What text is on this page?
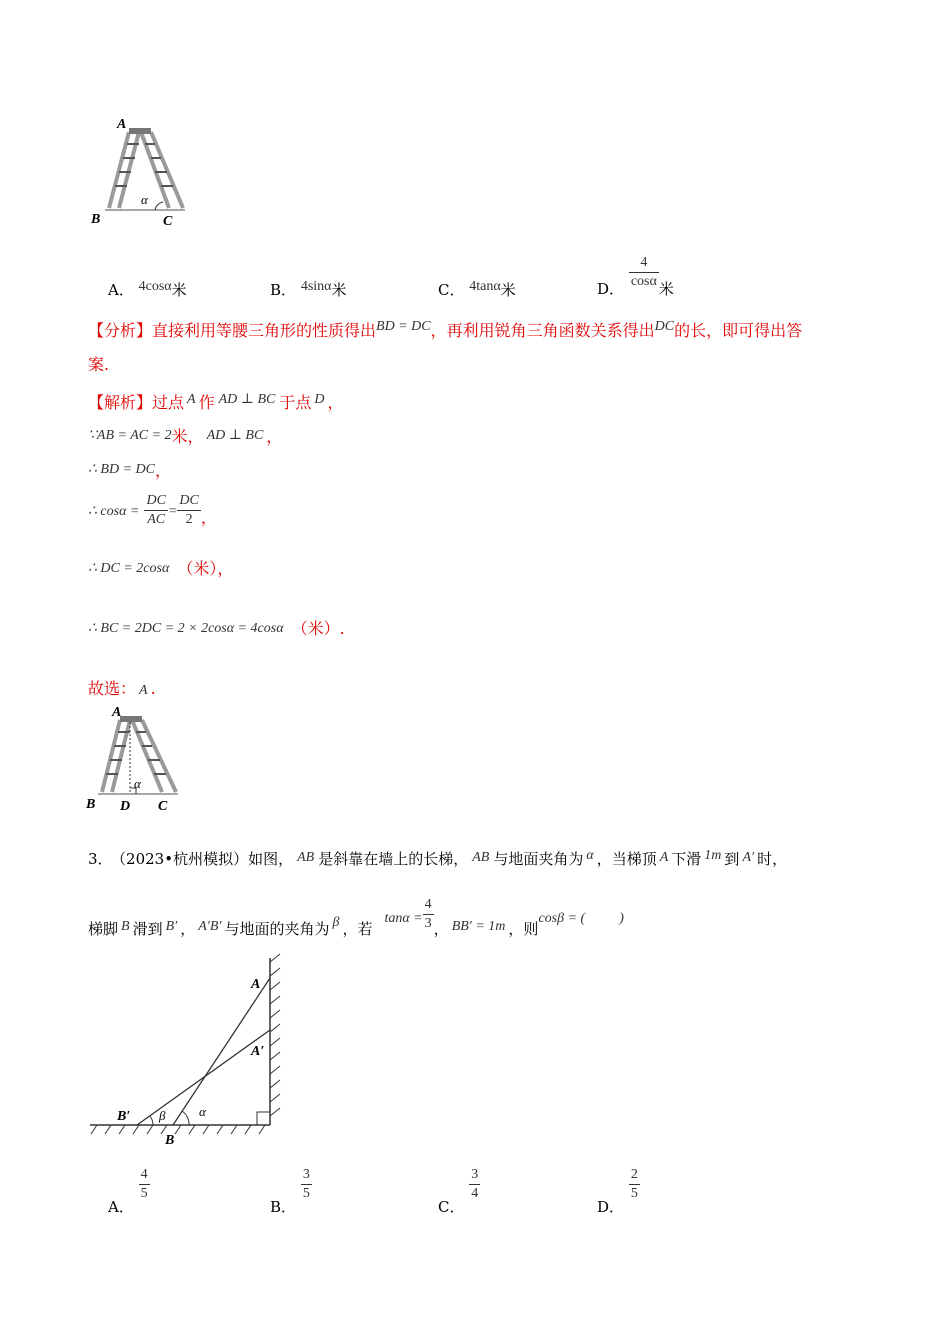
A
B	C
α
A． 4cosα米	B． 4sinα米	C． 4tanα米	D． $\frac{4}{\cos\alpha}$ 米
【分析】直接利用等腰三角形的性质得出BD = DC，再利用锐角三角函数关系得出DC的长，即可得出答
案.
【解析】过点 A 作 AD ⊥ BC 于点 D ，
∵AB = AC = 2米， AD ⊥ BC ，
∴ BD = DC，
∴ $\cos\alpha = \frac{DC}{AC} = \frac{DC}{2}$ ，
∴ DC = 2cosα （米），
∴ BC = 2DC = 2 × 2cosα = 4cosα （米）.
故选： A .
A
B D C
α
3． （2023•杭州模拟）如图， AB 是斜靠在墙上的长梯， AB 与地面夹角为 α ，当梯顶 A 下滑 1m 到 A′ 时，
梯脚 B 滑到 B′ ， A′B′ 与地面的夹角为 β ，若$\tan\alpha = \frac{4}{3}$ ， BB′ = 1m ，则cosβ = ( )
A
A′
B′
B
α
β
A．
$\frac{4}{5}$
B．
$\frac{3}{5}$
C．
$\frac{3}{4}$
D．
$\frac{2}{5}$
